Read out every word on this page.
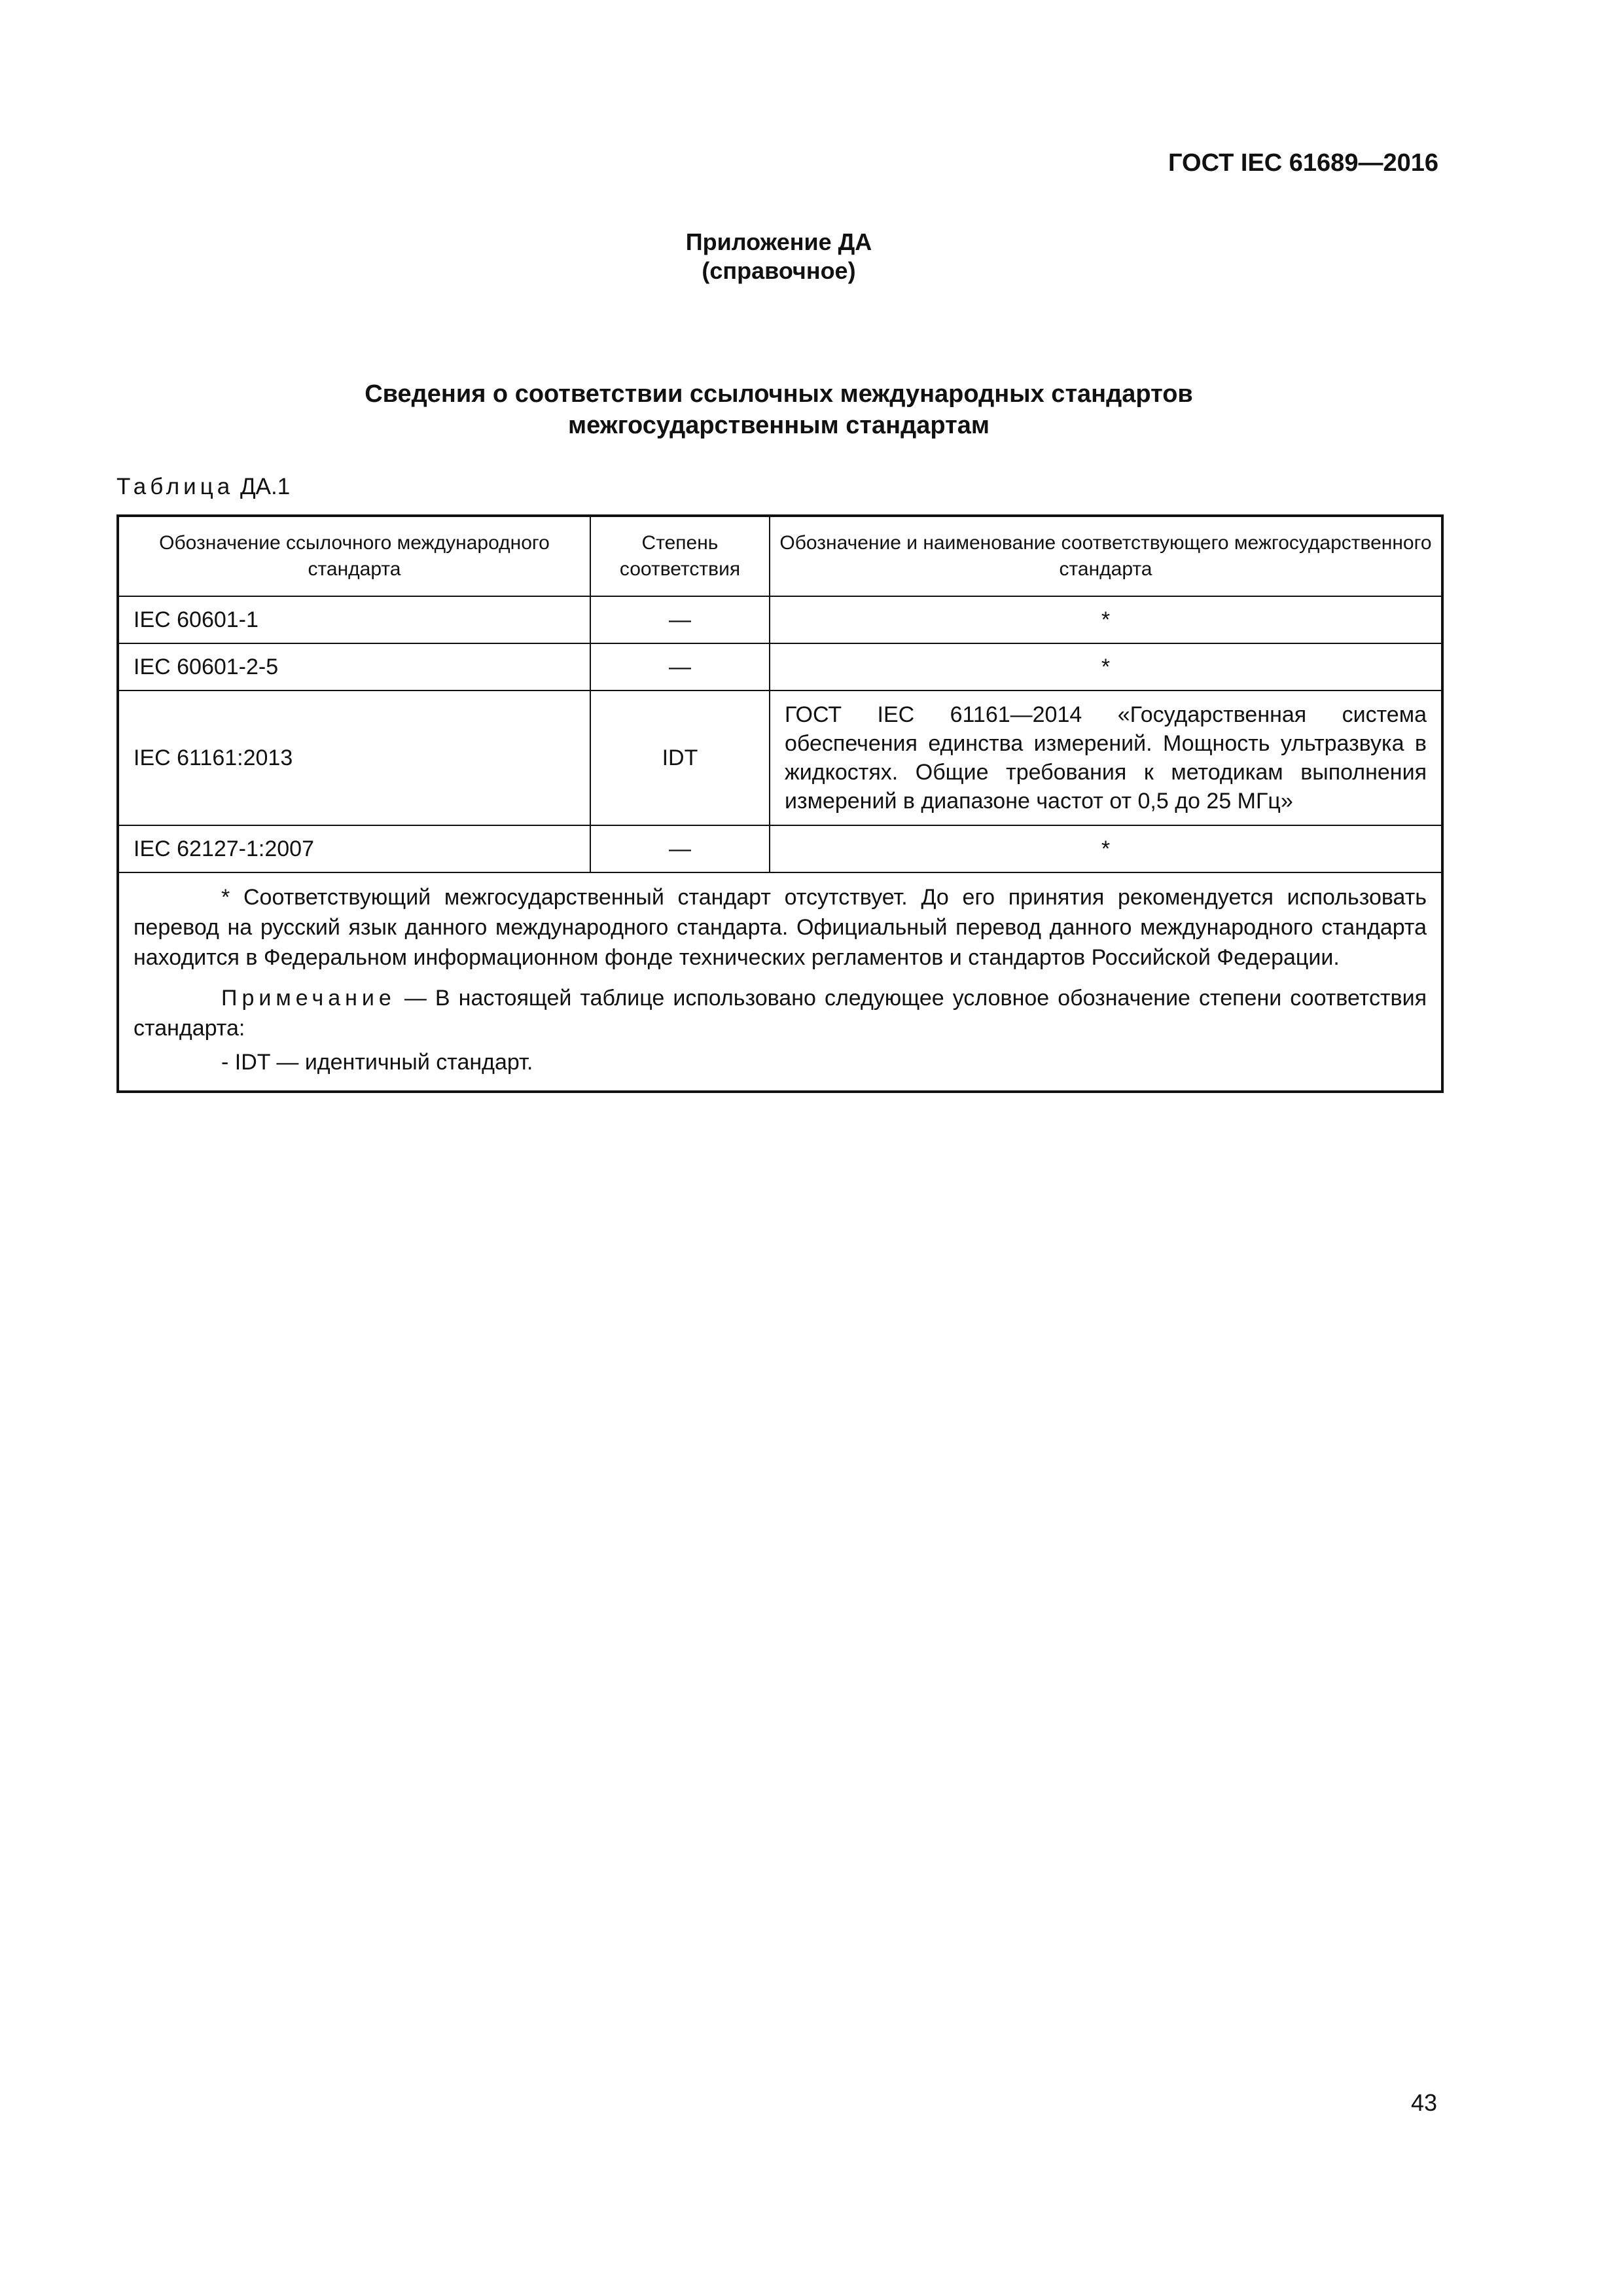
ГОСТ IEC 61689—2016
Приложение ДА
(справочное)
Сведения о соответствии ссылочных международных стандартов
межгосударственным стандартам
Таблица ДА.1
Обозначение ссылочного международного стандарта	Степень соответствия	Обозначение и наименование соответствующего межгосударственного стандарта
IEC 60601-1	—	*
IEC 60601-2-5	—	*
IEC 61161:2013	IDT	ГОСТ IEC 61161—2014 «Государственная система обеспечения единства измерений. Мощность ультразвука в жидкостях. Общие требования к методикам выполнения измерений в диапазоне частот от 0,5 до 25 МГц»
IEC 62127-1:2007	—	*

* Соответствующий межгосударственный стандарт отсутствует. До его принятия рекомендуется использовать перевод на русский язык данного международного стандарта. Официальный перевод данного международного стандарта находится в Федеральном информационном фонде технических регламентов и стандартов Российской Федерации.

Примечание — В настоящей таблице использовано следующее условное обозначение степени соответствия стандарта:

- IDT — идентичный стандарт.		

43
